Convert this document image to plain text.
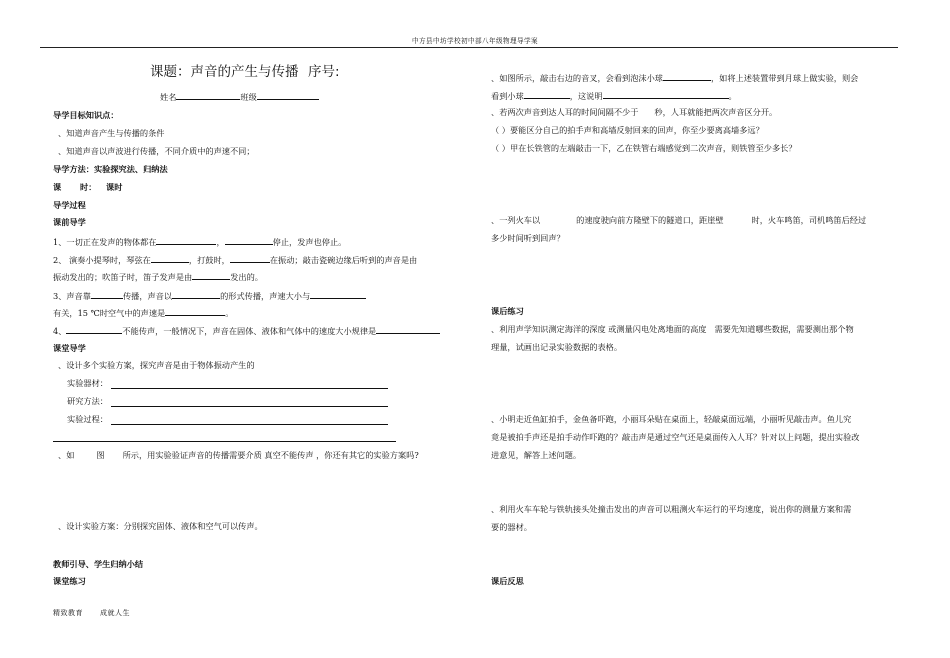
中方县中坊学校初中部八年级物理导学案
课题：声音的产生与传播 序号:
姓名	班级
导学目标知识点：
、知道声音产生与传播的条件
、知道声音以声波进行传播，不同介质中的声速不同；
导学方法：实验探究法、归纳法
课 时： 课时
导学过程
课前导学
1、一切正在发声的物体都在	，	停止，发声也停止。
2、 演奏小提琴时，琴弦在	，打鼓时，	在振动；敲击瓷碗边缘后听到的声音是由
振动发出的；吹笛子时，笛子发声是由	发出的。
3、声音靠	传播，声音以	的形式传播，声速大小与
有关，15 ℃时空气中的声速是	。
4、	不能传声，一般情况下，声音在固体、液体和气体中的速度大小规律是
课堂导学
、设计多个实验方案，探究声音是由于物体振动产生的
实验器材：
研究方法：
实验过程：
、如	图 所示，用实验验证声音的传播需要介质 真空不能传声 ，你还有其它的实验方案吗?
、设计实验方案：分别探究固体、液体和空气可以传声。
教师引导、学生归纳小结
课堂练习
、如图所示，敲击右边的音叉，会看到泡沫小球	，如将上述装置带到月球上做实验，则会
看到小球	，这说明	。
、若两次声音到达人耳的时间间隔不少于 秒，人耳就能把两次声音区分开。
（ ）要能区分自己的拍手声和高墙反射回来的回声，你至少要离高墙多远？
（ ）甲在长铁管的左端敲击一下，乙在铁管右端感觉到二次声音，则铁管至少多长？
、一列火车以	的速度驶向前方隆壁下的隧道口，距崖壁	时，火车鸣笛，司机鸣笛后经过
多少时间听到回声？
课后练习
、利用声学知识测定海洋的深度 或测量闪电处离地面的高度 需要先知道哪些数据，需要测出那个物
理量，试画出记录实验数据的表格。
、小明走近鱼缸拍手，金鱼备吓跑，小丽耳朵贴在桌面上，轻敲桌面远端，小丽听见敲击声。鱼儿究
竟是被拍手声还是拍手动作吓跑的？敲击声是通过空气还是桌面传入人耳？针对以上问题，提出实验改
进意见，解答上述问题。
、利用火车车轮与铁轨接头处撞击发出的声音可以粗测火车运行的平均速度，说出你的测量方案和需
要的器材。
课后反思
精致教育 成就人生
